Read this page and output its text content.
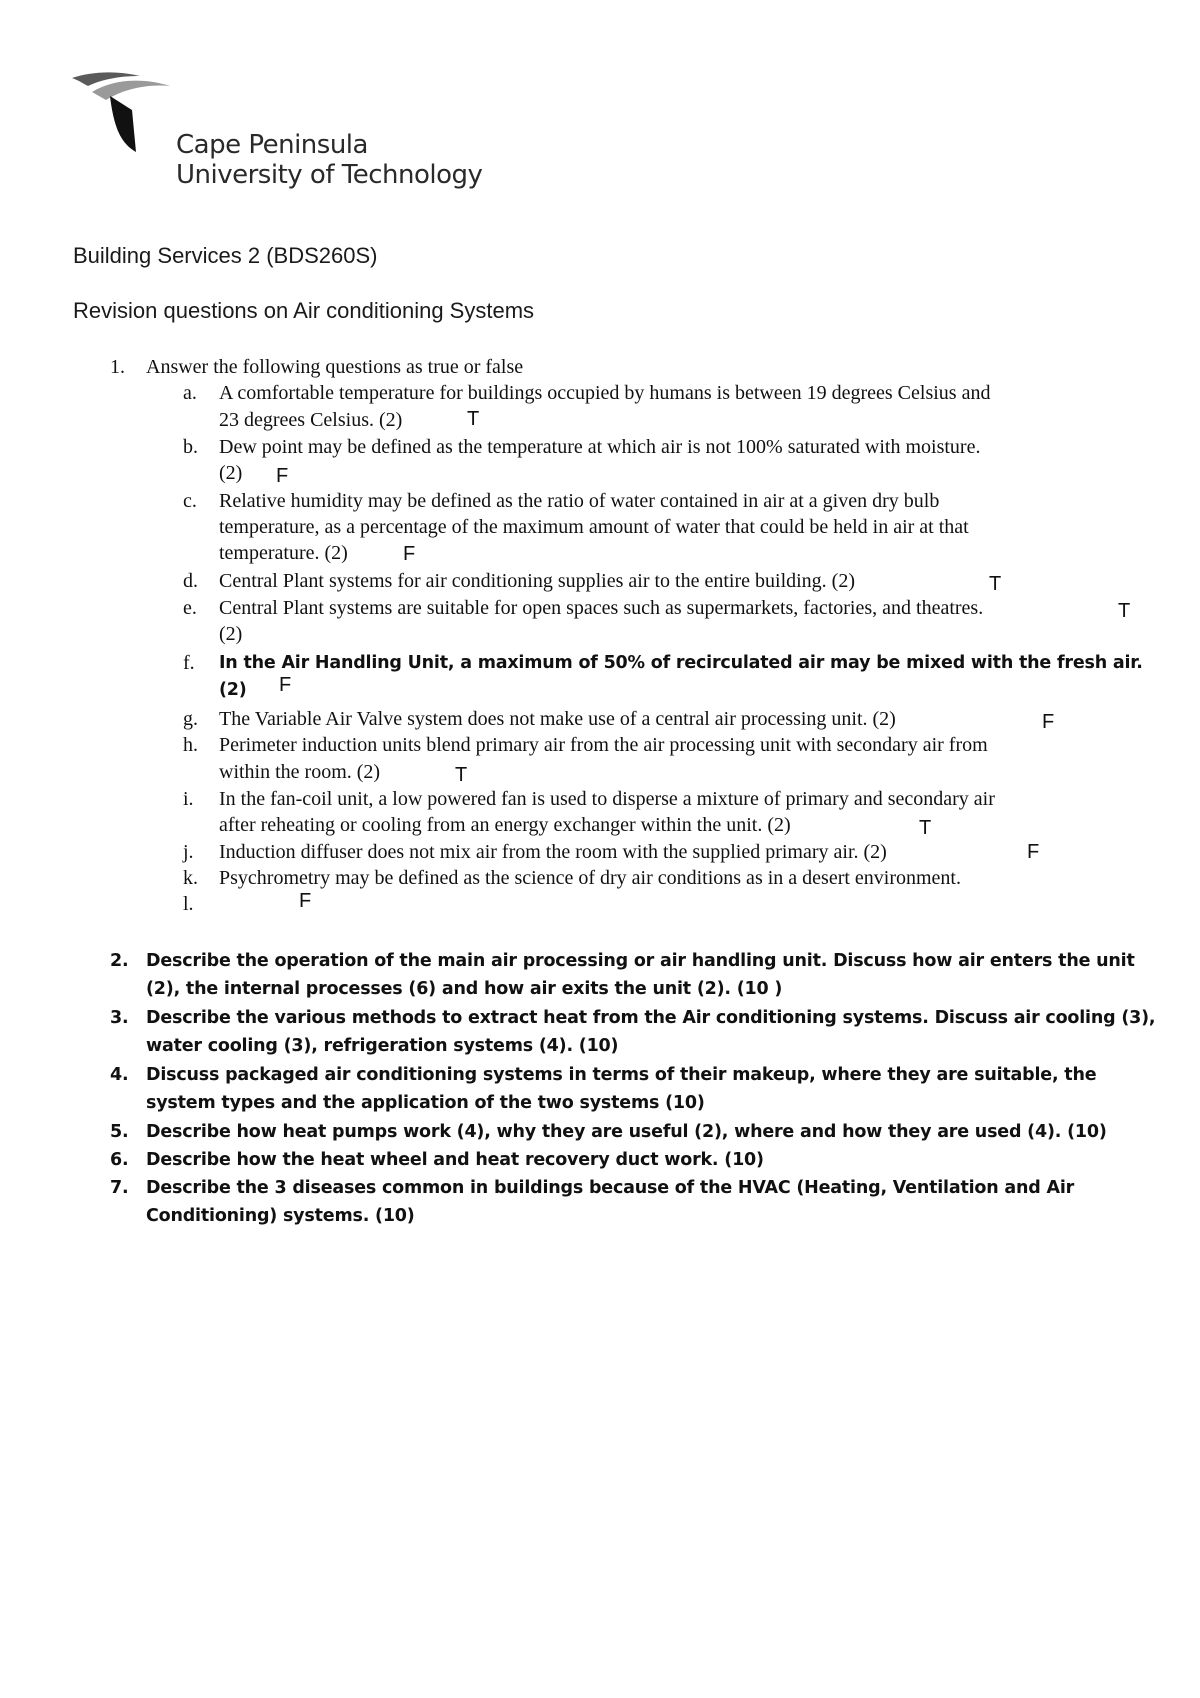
Cape Peninsula
University of Technology
Building Services 2 (BDS260S)
Revision questions on Air conditioning Systems
1. Answer the following questions as true or false
a. A comfortable temperature for buildings occupied by humans is between 19 degrees Celsius and
23 degrees Celsius. (2)	T
b. Dew point may be defined as the temperature at which air is not 100% saturated with moisture.
(2) F
c. Relative humidity may be defined as the ratio of water contained in air at a given dry bulb
temperature, as a percentage of the maximum amount of water that could be held in air at that
temperature. (2)	F
d. Central Plant systems for air conditioning supplies air to the entire building. (2)	T
e. Central Plant systems are suitable for open spaces such as supermarkets, factories, and theatres.
(2)
T
f. In the Air Handling Unit, a maximum of 50% of recirculated air may be mixed with the fresh air.
(2) F
g. The Variable Air Valve system does not make use of a central air processing unit. (2)	F
h. Perimeter induction units blend primary air from the air processing unit with secondary air from
within the room. (2)	T
i. In the fan-coil unit, a low powered fan is used to disperse a mixture of primary and secondary air
after reheating or cooling from an energy exchanger within the unit. (2)	T
j. Induction diffuser does not mix air from the room with the supplied primary air. (2)	F
k. Psychrometry may be defined as the science of dry air conditions as in a desert environment.
l.	F
2. Describe the operation of the main air processing or air handling unit. Discuss how air enters the unit
(2), the internal processes (6) and how air exits the unit (2). (10 )
3. Describe the various methods to extract heat from the Air conditioning systems. Discuss air cooling (3),
water cooling (3), refrigeration systems (4). (10)
4. Discuss packaged air conditioning systems in terms of their makeup, where they are suitable, the
system types and the application of the two systems (10)
5. Describe how heat pumps work (4), why they are useful (2), where and how they are used (4). (10)
6. Describe how the heat wheel and heat recovery duct work. (10)
7. Describe the 3 diseases common in buildings because of the HVAC (Heating, Ventilation and Air
Conditioning) systems. (10)
